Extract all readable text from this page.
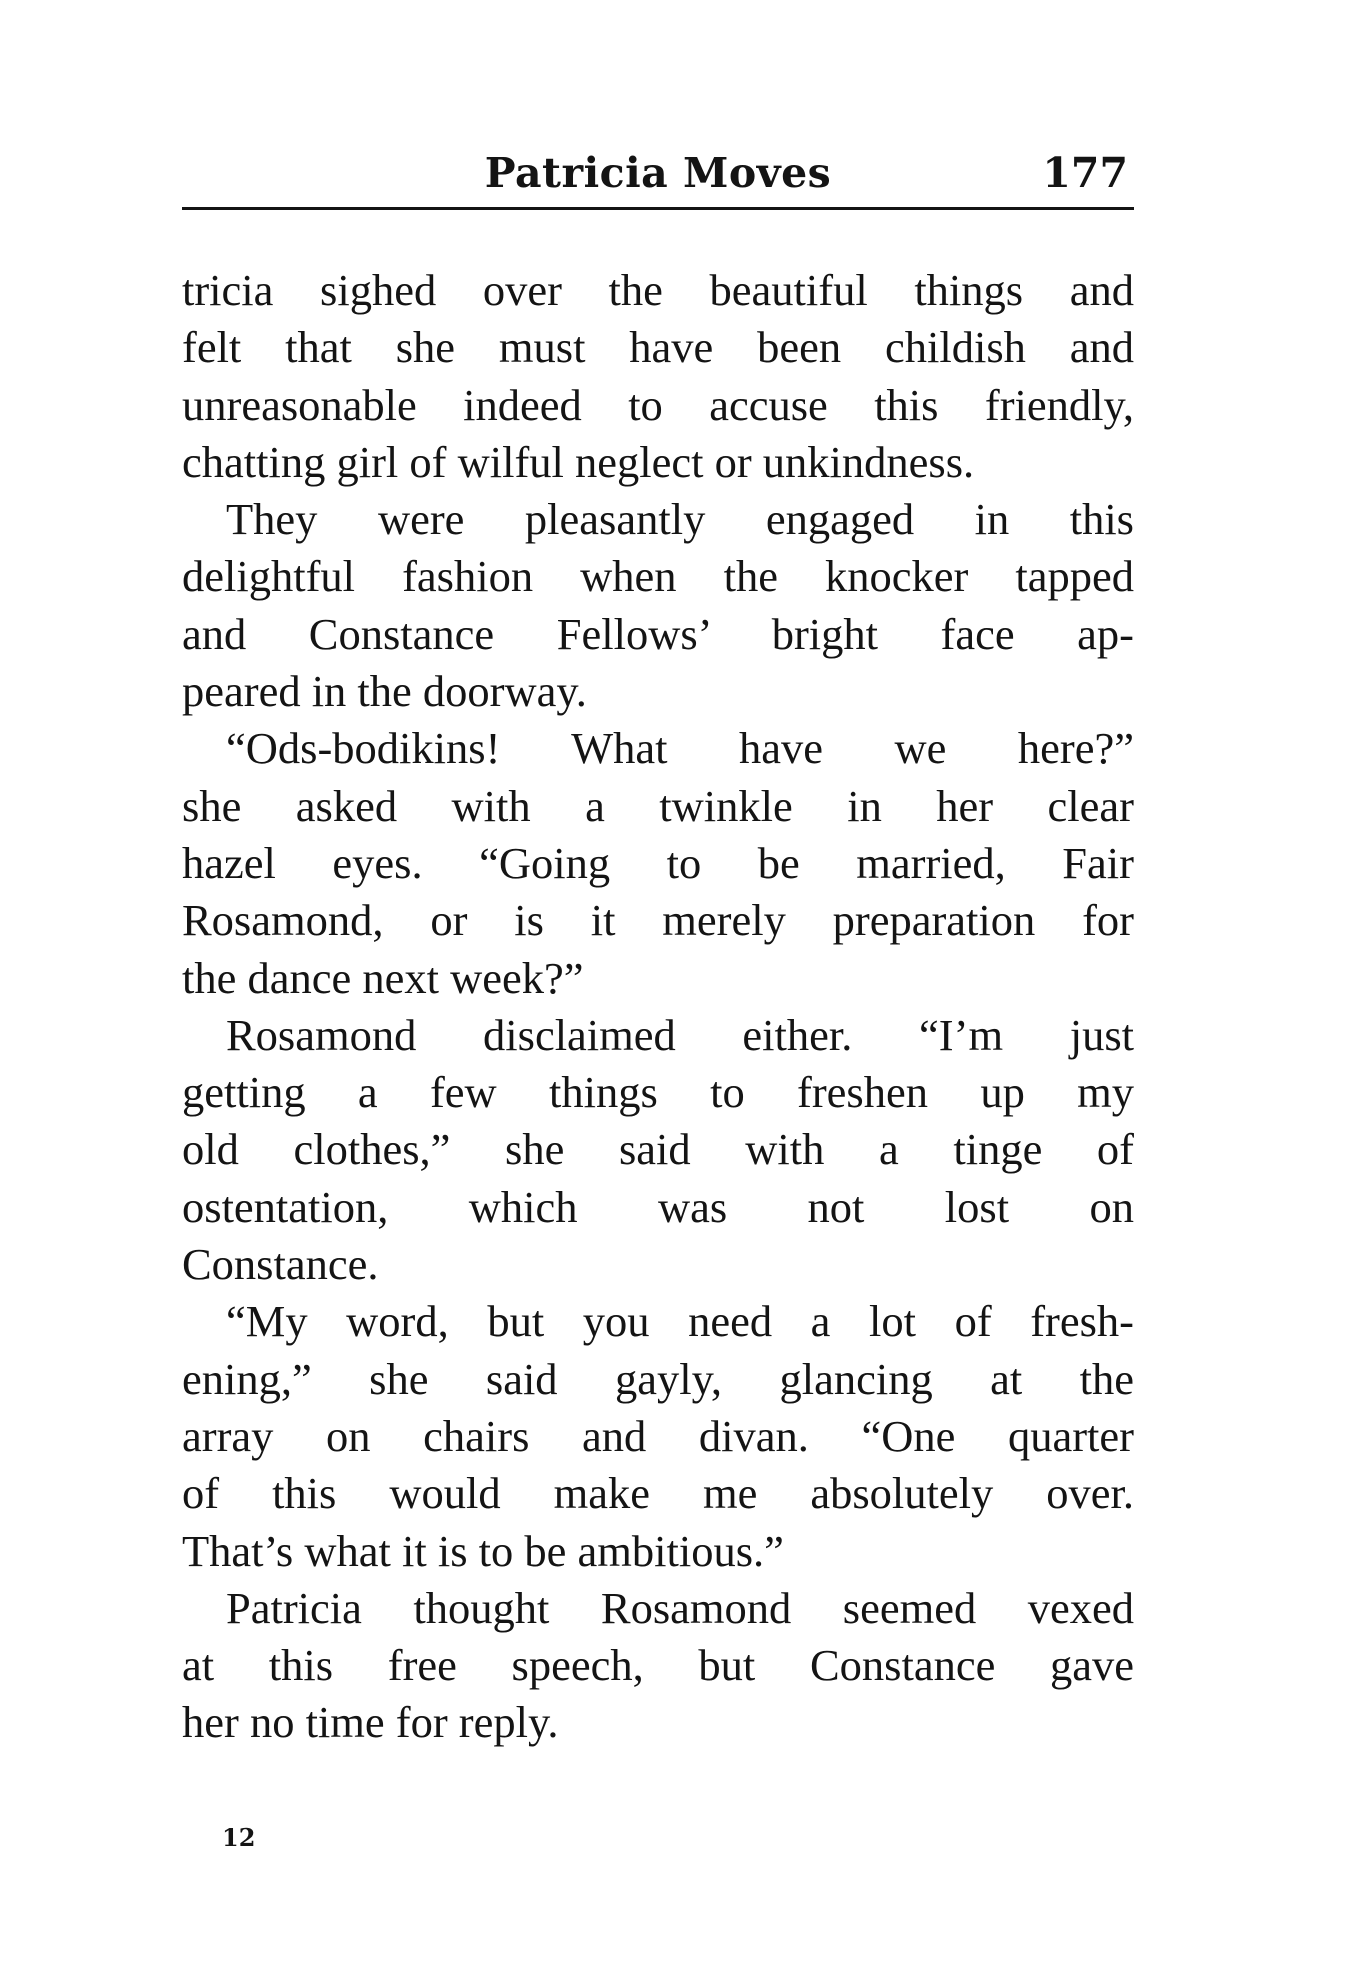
Patricia Moves	177
tricia sighed over the beautiful things and
felt that she must have been childish and
unreasonable indeed to accuse this friendly,
chatting girl of wilful neglect or unkindness.
They were pleasantly engaged in this
delightful fashion when the knocker tapped
and Constance Fellows’ bright face ap-
peared in the doorway.
“Ods-bodikins! What have we here?”
she asked with a twinkle in her clear
hazel eyes. “Going to be married, Fair
Rosamond, or is it merely preparation for
the dance next week?”
Rosamond disclaimed either. “I’m just
getting a few things to freshen up my
old clothes,” she said with a tinge of
ostentation, which was not lost on
Constance.
“My word, but you need a lot of fresh-
ening,” she said gayly, glancing at the
array on chairs and divan. “One quarter
of this would make me absolutely over.
That’s what it is to be ambitious.”
Patricia thought Rosamond seemed vexed
at this free speech, but Constance gave
her no time for reply.
12
